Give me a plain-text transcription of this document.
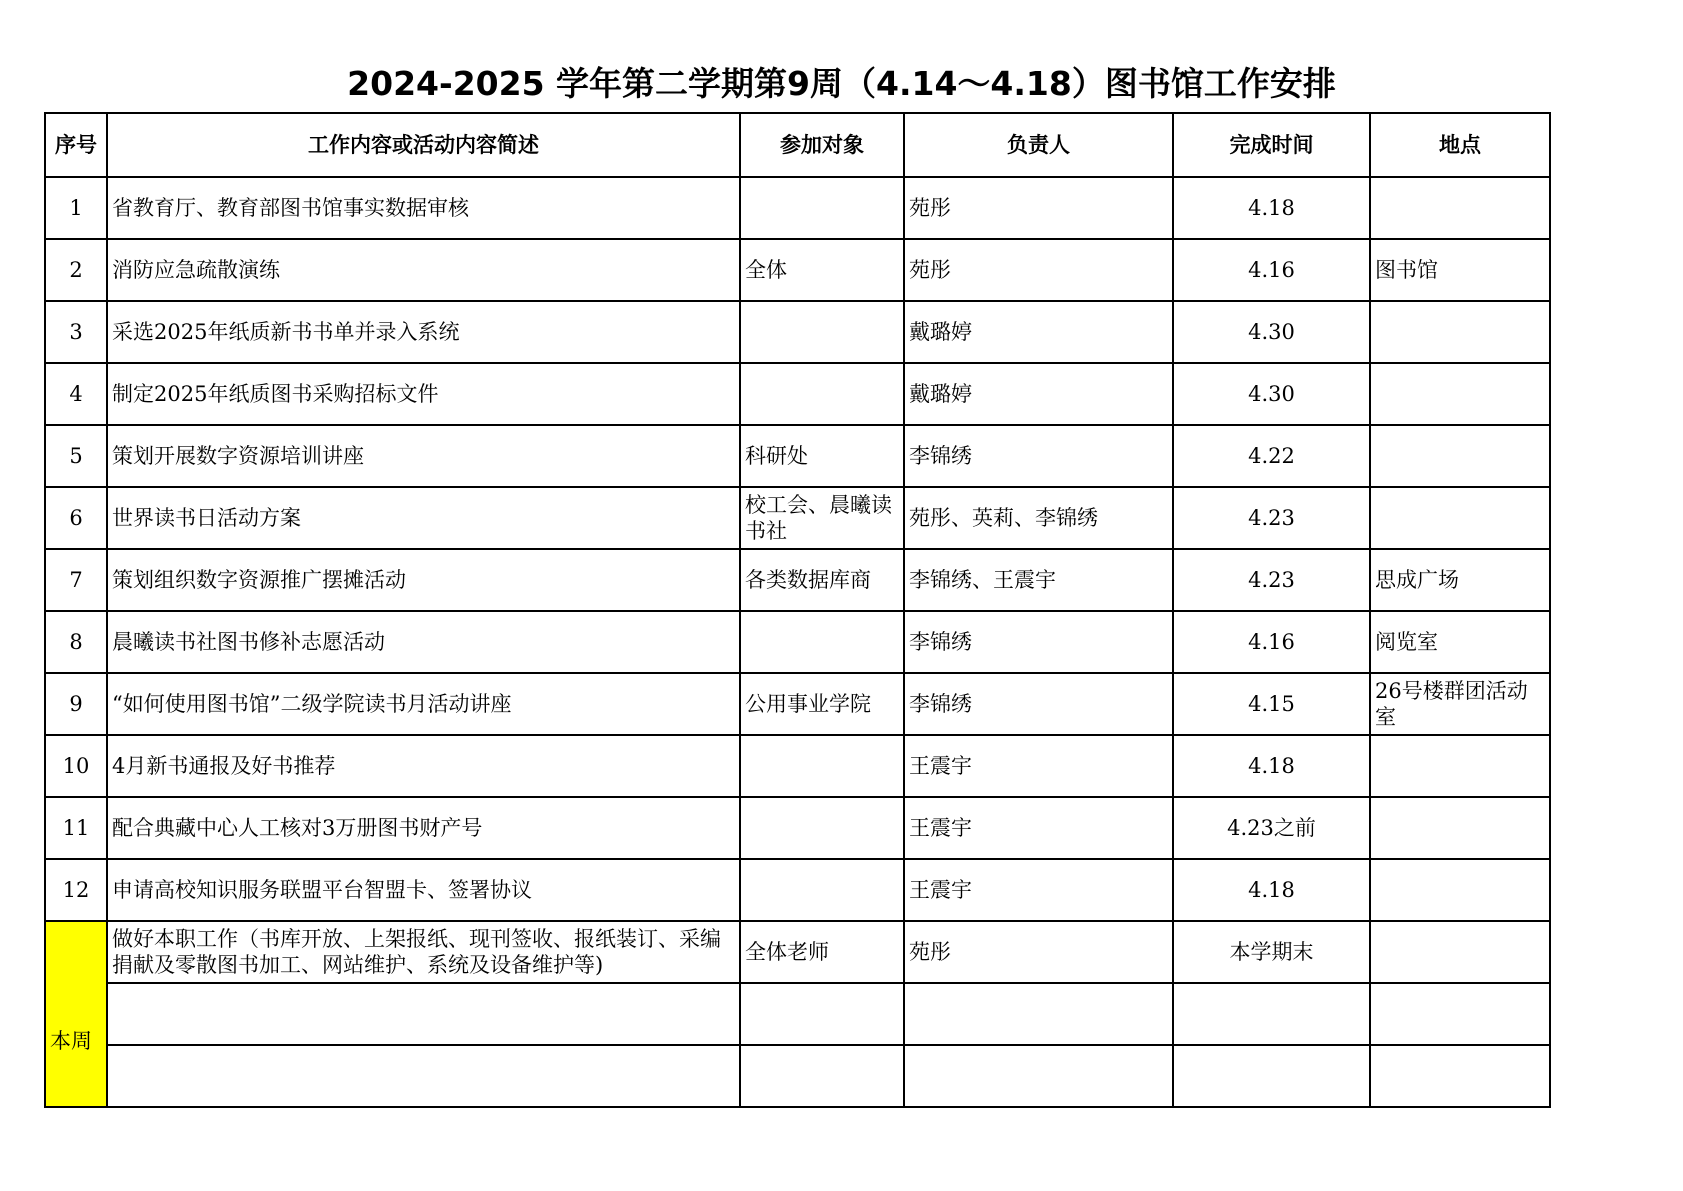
2024-2025 学年第二学期第9周（4.14～4.18）图书馆工作安排
序号	工作内容或活动内容简述	参加对象	负责人	完成时间	地点
1	省教育厅、教育部图书馆事实数据审核		苑彤	4.18	
2	消防应急疏散演练	全体	苑彤	4.16	图书馆
3	采选2025年纸质新书书单并录入系统		戴璐婷	4.30	
4	制定2025年纸质图书采购招标文件		戴璐婷	4.30	
5	策划开展数字资源培训讲座	科研处	李锦绣	4.22	
6	世界读书日活动方案	校工会、晨曦读书社	苑彤、英莉、李锦绣	4.23	
7	策划组织数字资源推广摆摊活动	各类数据库商	李锦绣、王震宇	4.23	思成广场
8	晨曦读书社图书修补志愿活动		李锦绣	4.16	阅览室
9	“如何使用图书馆”二级学院读书月活动讲座	公用事业学院	李锦绣	4.15	26号楼群团活动室
10	4月新书通报及好书推荐		王震宇	4.18	
11	配合典藏中心人工核对3万册图书财产号		王震宇	4.23之前	
12	申请高校知识服务联盟平台智盟卡、签署协议		王震宇	4.18	

本周	做好本职工作（书库开放、上架报纸、现刊签收、报纸装订、采编捐献及零散图书加工、网站维护、系统及设备维护等)	全体老师	苑彤	本学期末	
